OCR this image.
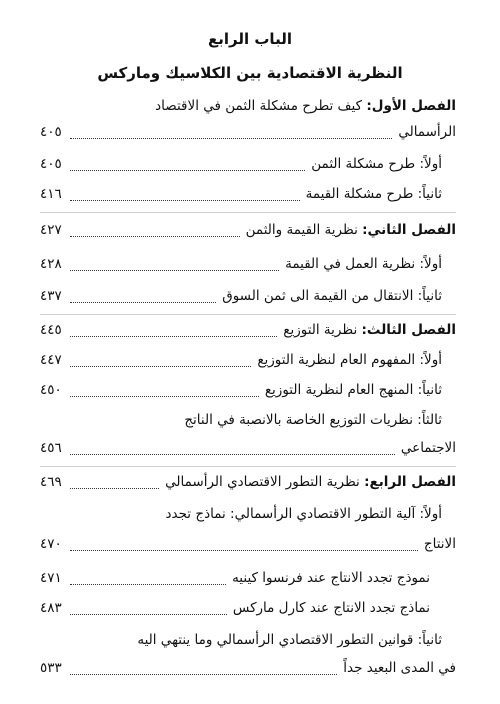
الباب الرابع
النظرية الاقتصادية بين الكلاسيك وماركس
الفصل الأول: كيف تطرح مشكلة الثمن في الاقتصاد
الرأسمالي
٤٠٥
أولاً: طرح مشكلة الثمن
٤٠٥
ثانياً: طرح مشكلة القيمة
٤١٦
الفصل الثاني: نظرية القيمة والثمن
٤٢٧
أولاً: نظرية العمل في القيمة
٤٢٨
ثانياً: الانتقال من القيمة الى ثمن السوق
٤٣٧
الفصل الثالث: نظرية التوزيع
٤٤٥
أولاً: المفهوم العام لنظرية التوزيع
٤٤٧
ثانياً: المنهج العام لنظرية التوزيع
٤٥٠
ثالثاً: نظريات التوزيع الخاصة بالانصبة في الناتج
الاجتماعي
٤٥٦
الفصل الرابع: نظرية التطور الاقتصادي الرأسمالي
٤٦٩
أولاً: آلية التطور الاقتصادي الرأسمالي: نماذج تجدد
الانتاج
٤٧٠
نموذج تجدد الانتاج عند فرنسوا كينيه
٤٧١
نماذج تجدد الانتاج عند كارل ماركس
٤٨٣
ثانياً: قوانين التطور الاقتصادي الرأسمالي وما ينتهي اليه
في المدى البعيد جداً
٥٣٣
